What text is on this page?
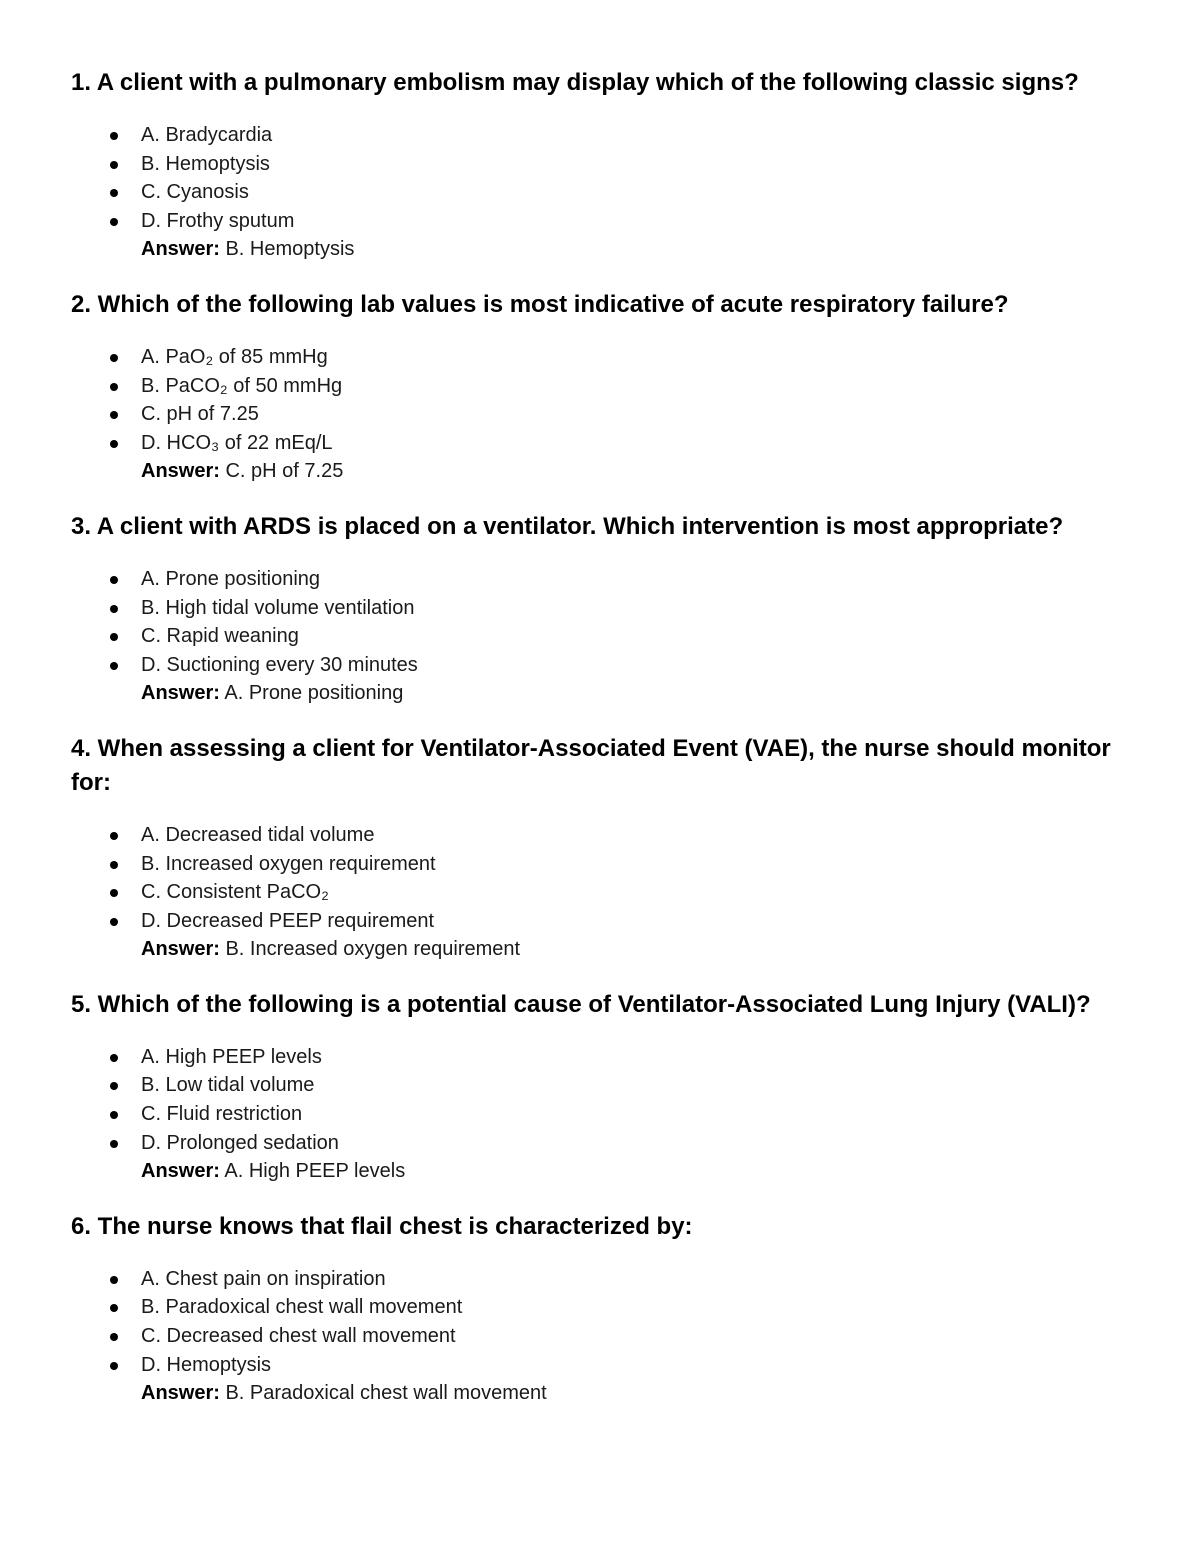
1. A client with a pulmonary embolism may display which of the following classic signs?
A. Bradycardia
B. Hemoptysis
C. Cyanosis
D. Frothy sputum
Answer: B. Hemoptysis
2. Which of the following lab values is most indicative of acute respiratory failure?
A. PaO₂ of 85 mmHg
B. PaCO₂ of 50 mmHg
C. pH of 7.25
D. HCO₃ of 22 mEq/L
Answer: C. pH of 7.25
3. A client with ARDS is placed on a ventilator. Which intervention is most appropriate?
A. Prone positioning
B. High tidal volume ventilation
C. Rapid weaning
D. Suctioning every 30 minutes
Answer: A. Prone positioning
4. When assessing a client for Ventilator-Associated Event (VAE), the nurse should monitor for:
A. Decreased tidal volume
B. Increased oxygen requirement
C. Consistent PaCO₂
D. Decreased PEEP requirement
Answer: B. Increased oxygen requirement
5. Which of the following is a potential cause of Ventilator-Associated Lung Injury (VALI)?
A. High PEEP levels
B. Low tidal volume
C. Fluid restriction
D. Prolonged sedation
Answer: A. High PEEP levels
6. The nurse knows that flail chest is characterized by:
A. Chest pain on inspiration
B. Paradoxical chest wall movement
C. Decreased chest wall movement
D. Hemoptysis
Answer: B. Paradoxical chest wall movement
